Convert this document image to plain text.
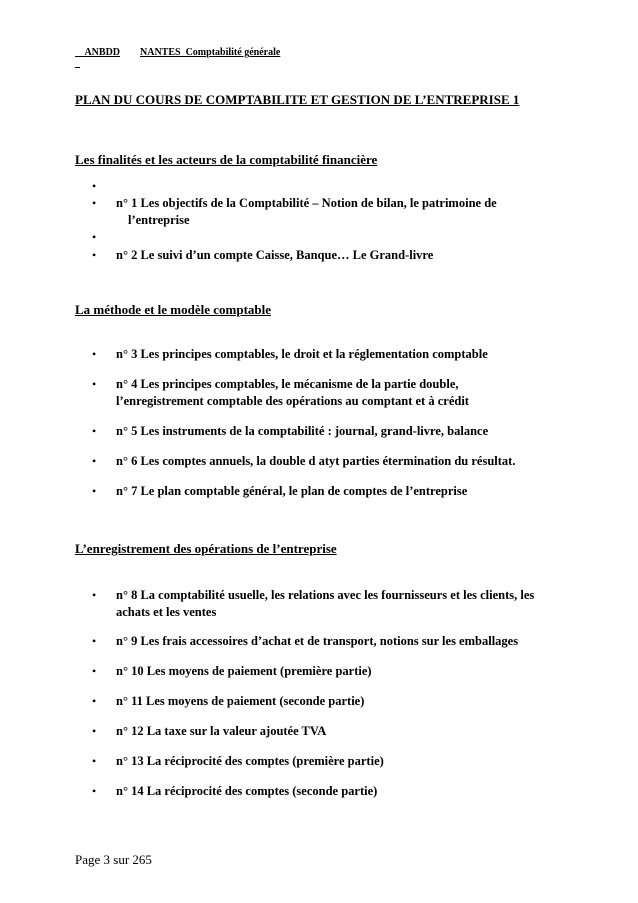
ANBDD NANTES  Comptabilité générale

PLAN DU COURS DE COMPTABILITE ET GESTION DE L’ENTREPRISE 1
Les finalités et les acteurs de la comptabilité financière
•

• n° 1 Les objectifs de la Comptabilité – Notion de bilan, le patrimoine de
l’entreprise
•

• n° 2 Le suivi d’un compte Caisse, Banque… Le Grand-livre
La méthode et le modèle comptable
• n° 3 Les principes comptables, le droit et la réglementation comptable
• n° 4 Les principes comptables, le mécanisme de la partie double,
l’enregistrement comptable des opérations au comptant et à crédit
• n° 5 Les instruments de la comptabilité : journal, grand-livre, balance
• n° 6 Les comptes annuels, la double d atyt parties étermination du résultat.
• n° 7 Le plan comptable général, le plan de comptes de l’entreprise
L’enregistrement des opérations de l’entreprise
• n° 8 La comptabilité usuelle, les relations avec les fournisseurs et les clients, les
achats et les ventes
• n° 9 Les frais accessoires d’achat et de transport, notions sur les emballages
• n° 10 Les moyens de paiement (première partie)
• n° 11 Les moyens de paiement (seconde partie)
• n° 12 La taxe sur la valeur ajoutée TVA
• n° 13 La réciprocité des comptes (première partie)
• n° 14 La réciprocité des comptes (seconde partie)
Page 3 sur 265
